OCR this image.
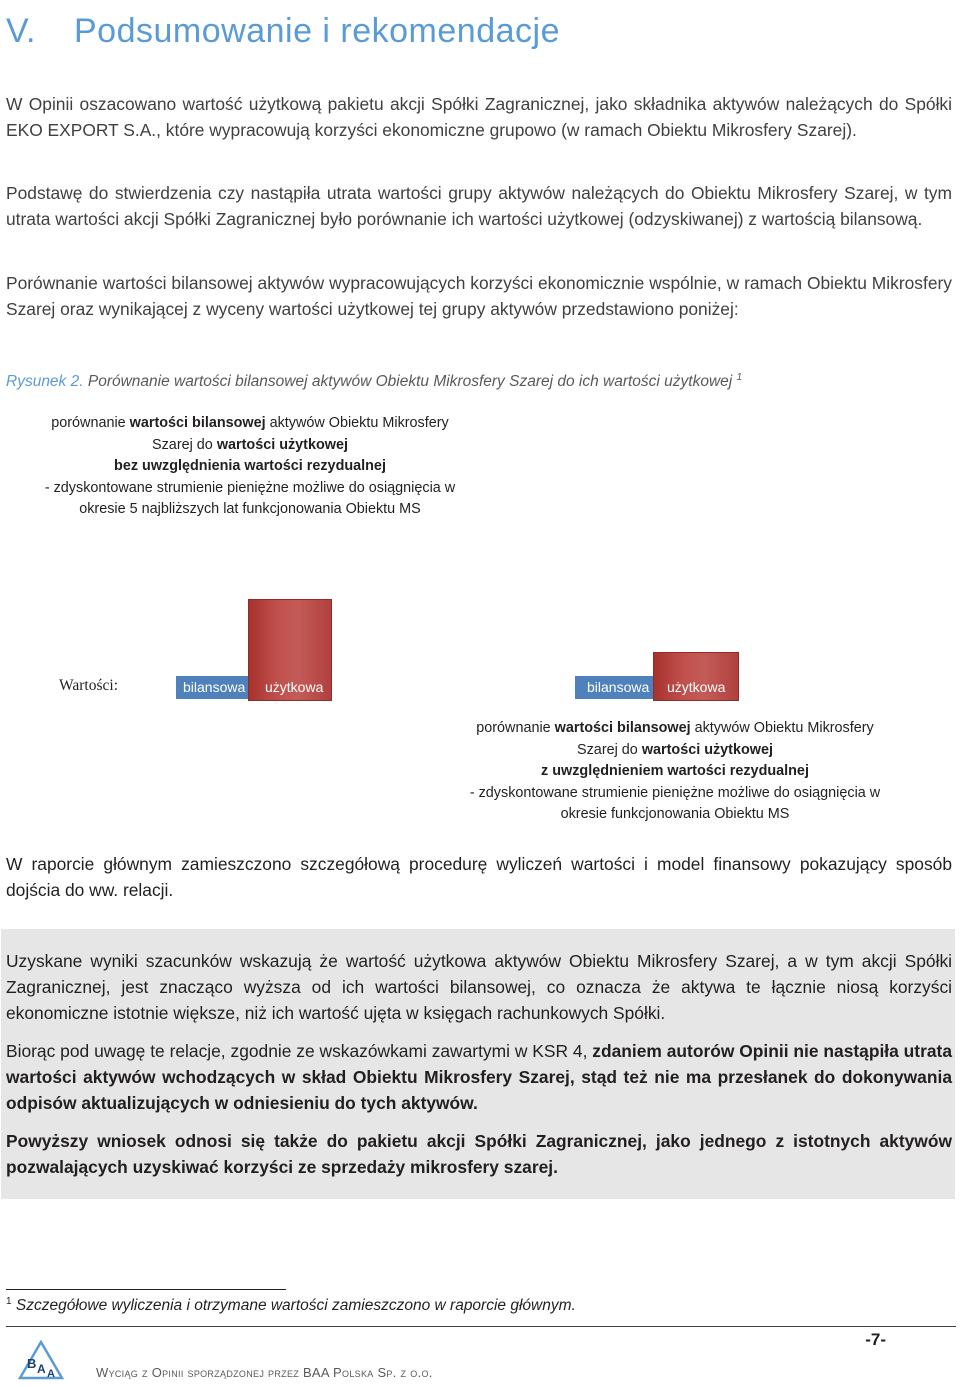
V. Podsumowanie i rekomendacje
W Opinii oszacowano wartość użytkową pakietu akcji Spółki Zagranicznej, jako składnika aktywów należących do Spółki EKO EXPORT S.A., które wypracowują korzyści ekonomiczne grupowo (w ramach Obiektu Mikrosfery Szarej).
Podstawę do stwierdzenia czy nastąpiła utrata wartości grupy aktywów należących do Obiektu Mikrosfery Szarej, w tym utrata wartości akcji Spółki Zagranicznej było porównanie ich wartości użytkowej (odzyskiwanej) z wartością bilansową.
Porównanie wartości bilansowej aktywów wypracowujących korzyści ekonomicznie wspólnie, w ramach Obiektu Mikrosfery Szarej oraz wynikającej z wyceny wartości użytkowej tej grupy aktywów przedstawiono poniżej:
Rysunek 2. Porównanie wartości bilansowej aktywów Obiektu Mikrosfery Szarej do ich wartości użytkowej $^1$
porównanie wartości bilansowej aktywów Obiektu Mikrosfery
Szarej do wartości użytkowej
bez uwzględnienia wartości rezydualnej
- zdyskontowane strumienie pieniężne możliwe do osiągnięcia w
okresie 5 najbliższych lat funkcjonowania Obiektu MS
porównanie wartości bilansowej aktywów Obiektu Mikrosfery
Szarej do wartości użytkowej
z uwzględnieniem wartości rezydualnej
- zdyskontowane strumienie pieniężne możliwe do osiągnięcia w
okresie funkcjonowania Obiektu MS
Wartości:	bilansowa użytkowa	bilansowa użytkowa
W raporcie głównym zamieszczono szczegółową procedurę wyliczeń wartości i model finansowy pokazujący sposób dojścia do ww. relacji.
Uzyskane wyniki szacunków wskazują że wartość użytkowa aktywów Obiektu Mikrosfery Szarej, a w tym akcji Spółki Zagranicznej, jest znacząco wyższa od ich wartości bilansowej, co oznacza że aktywa te łącznie niosą korzyści ekonomiczne istotnie większe, niż ich wartość ujęta w księgach rachunkowych Spółki.
Biorąc pod uwagę te relacje, zgodnie ze wskazówkami zawartymi w KSR 4, zdaniem autorów Opinii nie nastąpiła utrata wartości aktywów wchodzących w skład Obiektu Mikrosfery Szarej, stąd też nie ma przesłanek do dokonywania odpisów aktualizujących w odniesieniu do tych aktywów.
Powyższy wniosek odnosi się także do pakietu akcji Spółki Zagranicznej, jako jednego z istotnych aktywów pozwalających uzyskiwać korzyści ze sprzedaży mikrosfery szarej.
$^1$ Szczegółowe wyliczenia i otrzymane wartości zamieszczono w raporcie głównym.
-7-
Wyciąg z Opinii sporządzonej przez BAA Polska Sp. z o.o.
B A A
